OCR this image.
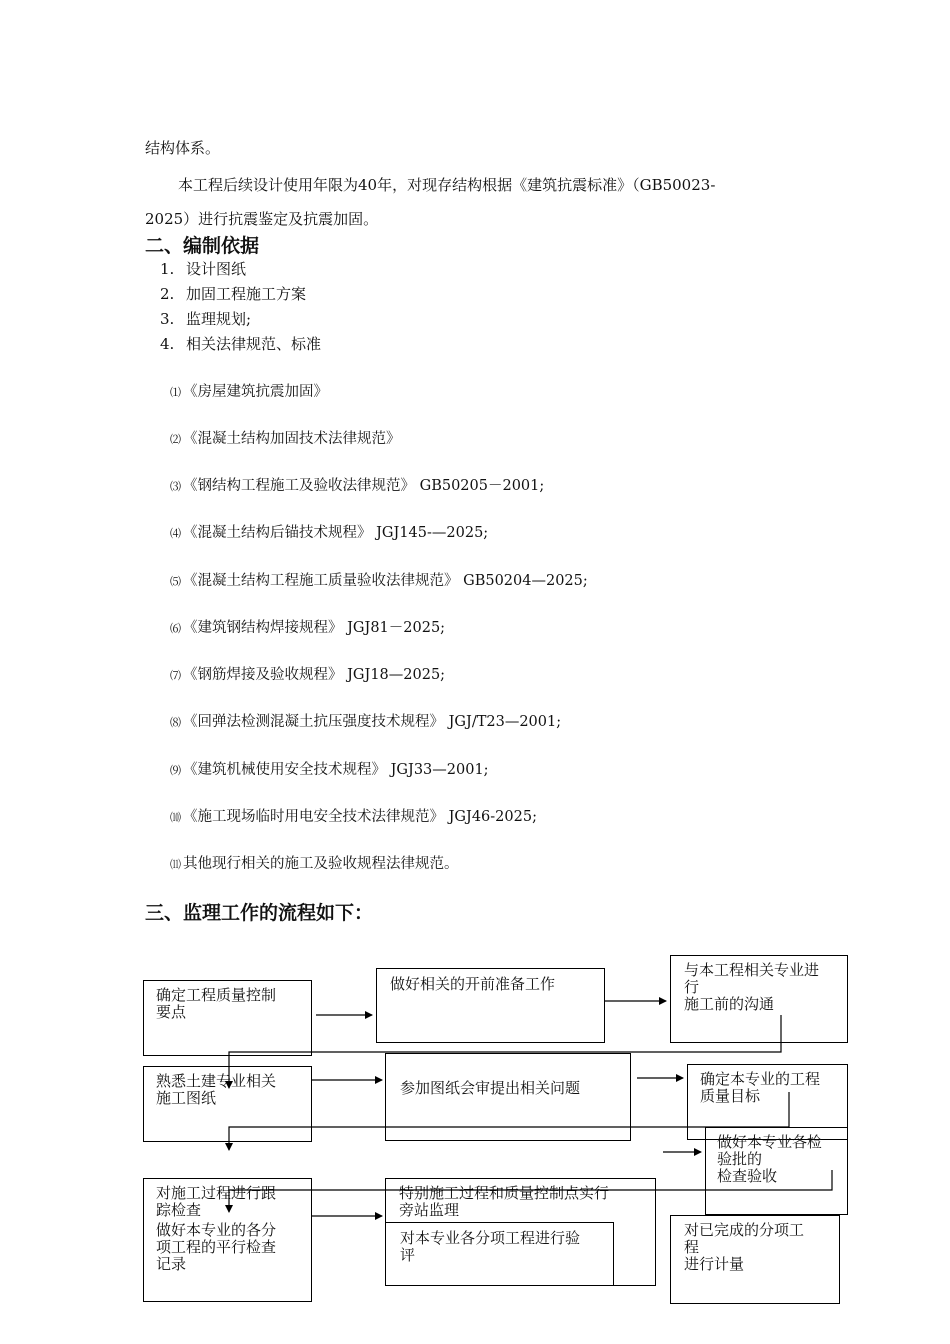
结构体系。
本工程后续设计使用年限为40年，对现存结构根据《建筑抗震标准》（GB50023-
2025）进行抗震鉴定及抗震加固。
二、编制依据
1. 设计图纸
2. 加固工程施工方案
3. 监理规划;
4. 相关法律规范、标准
⑴ 《房屋建筑抗震加固》
⑵ 《混凝土结构加固技术法律规范》
⑶ 《钢结构工程施工及验收法律规范》 GB50205－2001;
⑷ 《混凝土结构后锚技术规程》 JGJ145-—2025;
⑸ 《混凝土结构工程施工质量验收法律规范》 GB50204—2025;
⑹ 《建筑钢结构焊接规程》 JGJ81－2025;
⑺ 《钢筋焊接及验收规程》 JGJ18—2025;
⑻ 《回弹法检测混凝土抗压强度技术规程》 JGJ/T23—2001;
⑼ 《建筑机械使用安全技术规程》 JGJ33—2001;
⑽ 《施工现场临时用电安全技术法律规范》 JGJ46-2025;
⑾ 其他现行相关的施工及验收规程法律规范。
三、监理工作的流程如下：
确定工程质量控制
要点
做好相关的开前准备工作
与本工程相关专业进
行
施工前的沟通
熟悉土建专业相关
施工图纸
参加图纸会审提出相关问题	确定本专业的工程
质量目标
做好本专业各检
验批的
检查验收
对施工过程进行跟
踪检查
做好本专业的各分
项工程的平行检查
记录
特别施工过程和质量控制点实行
旁站监理
对本专业各分项工程进行验
评
对已完成的分项工
程
进行计量
